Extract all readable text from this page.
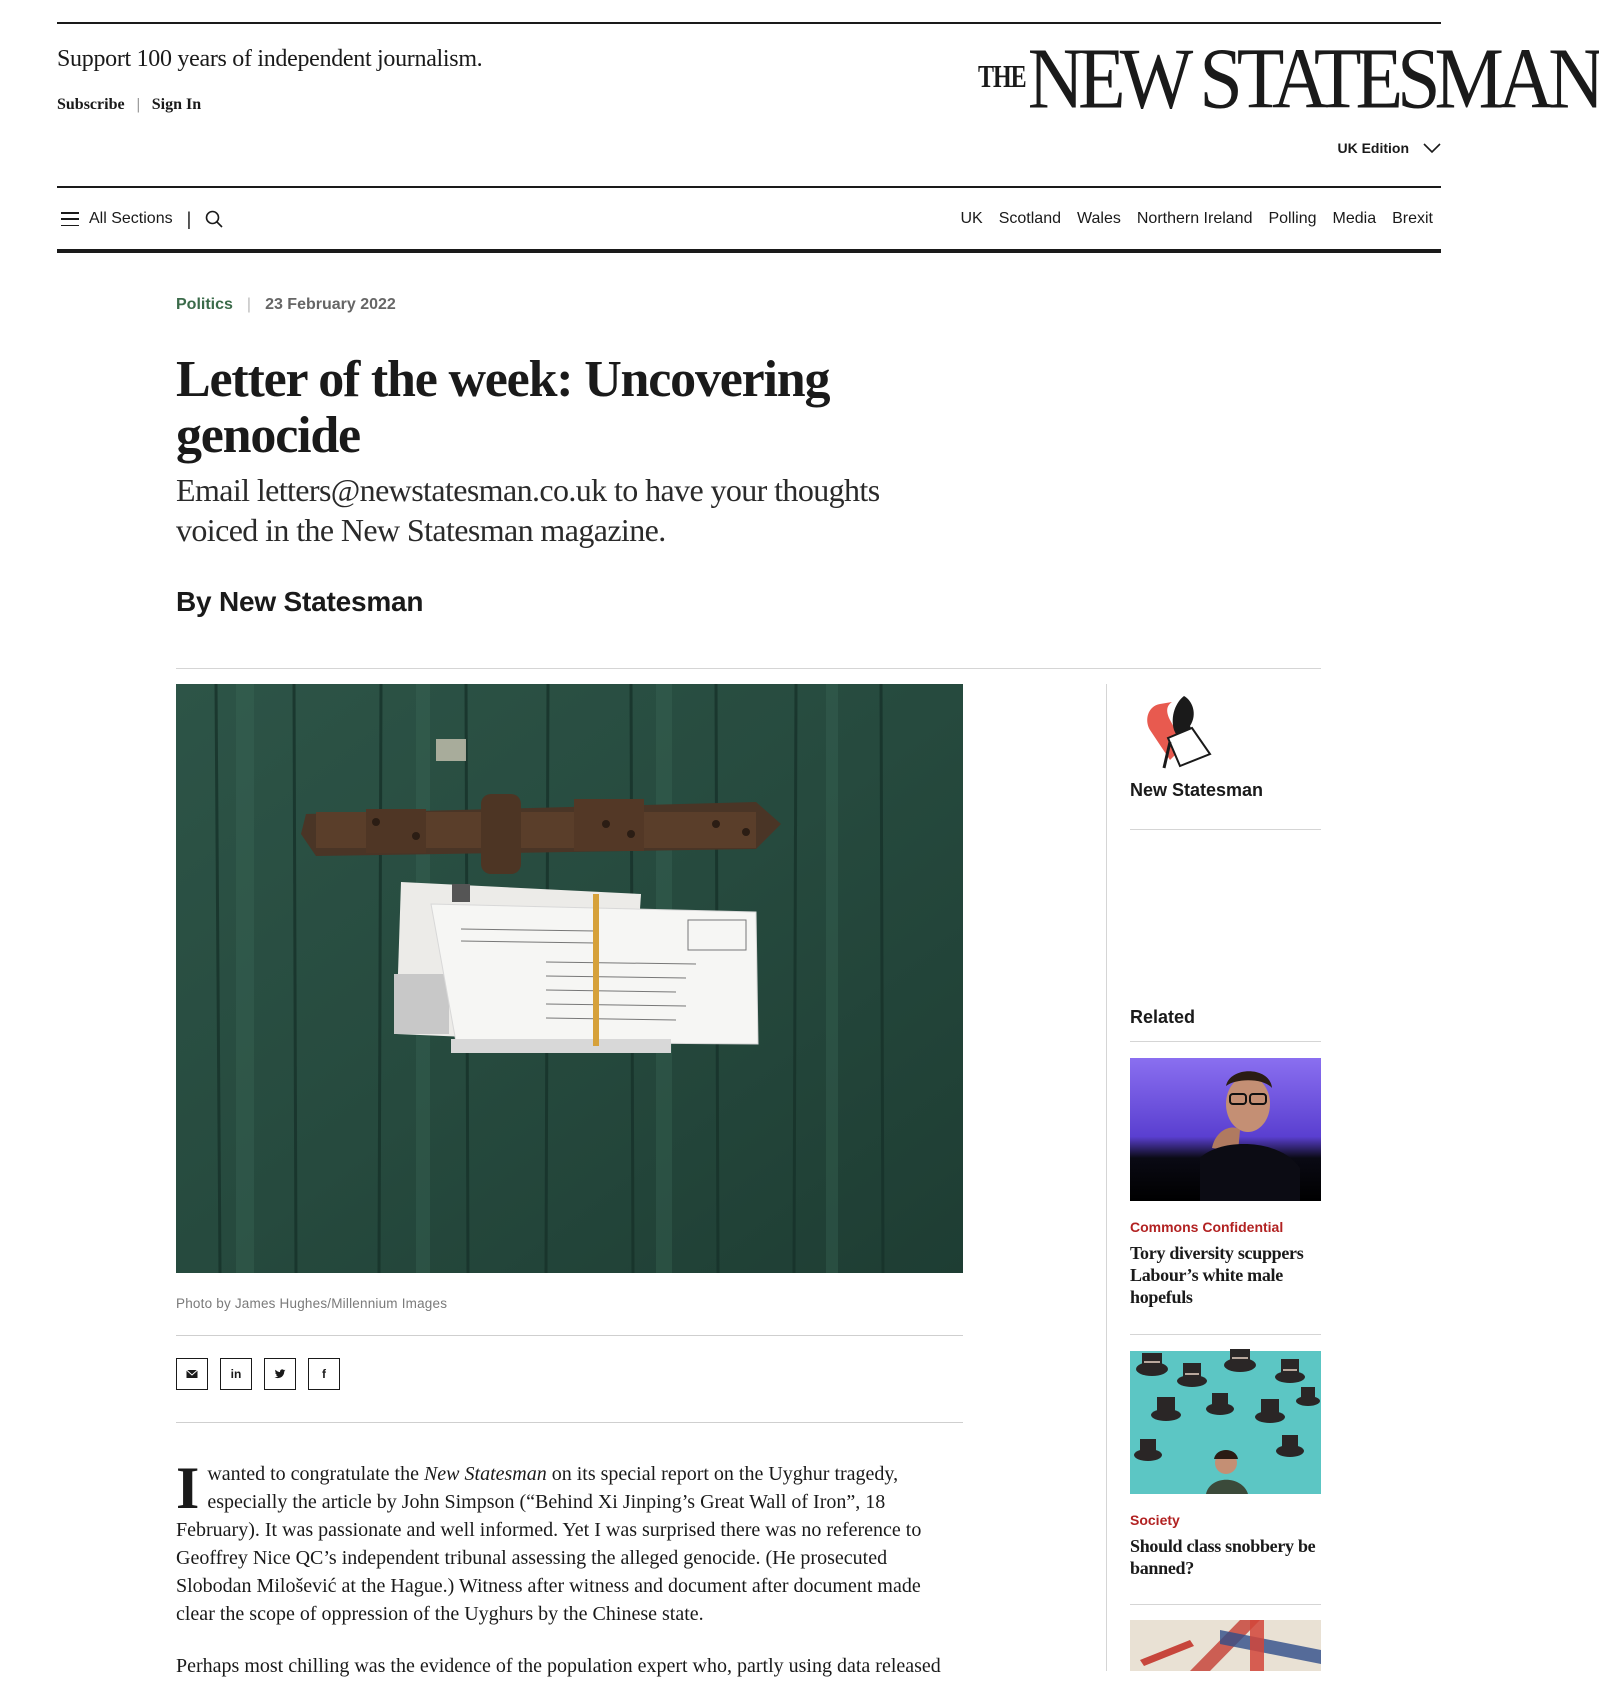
Support 100 years of independent journalism.
Subscribe | Sign In
THE NEW STATESMAN
UK Edition
All Sections |	UK Scotland Wales Northern Ireland Polling Media Brexit
Politics | 23 February 2022
Letter of the week: Uncovering genocide
Email letters@newstatesman.co.uk to have your thoughts voiced in the New Statesman magazine.
By New Statesman
Photo by James Hughes/Millennium Images
in	f

I wanted to congratulate the New Statesman on its special report on the Uyghur tragedy, especially the article by John Simpson (“Behind Xi Jinping’s Great Wall of Iron”, 18 February). It was passionate and well informed. Yet I was surprised there was no reference to Geoffrey Nice QC’s independent tribunal assessing the alleged genocide. (He prosecuted Slobodan Milošević at the Hague.) Witness after witness and document after document made clear the scope of oppression of the Uyghurs by the Chinese state.

Perhaps most chilling was the evidence of the population expert who, partly using data released

New Statesman
Related
Commons Confidential
Tory diversity scuppers Labour’s white male hopefuls
Society
Should class snobbery be banned?
